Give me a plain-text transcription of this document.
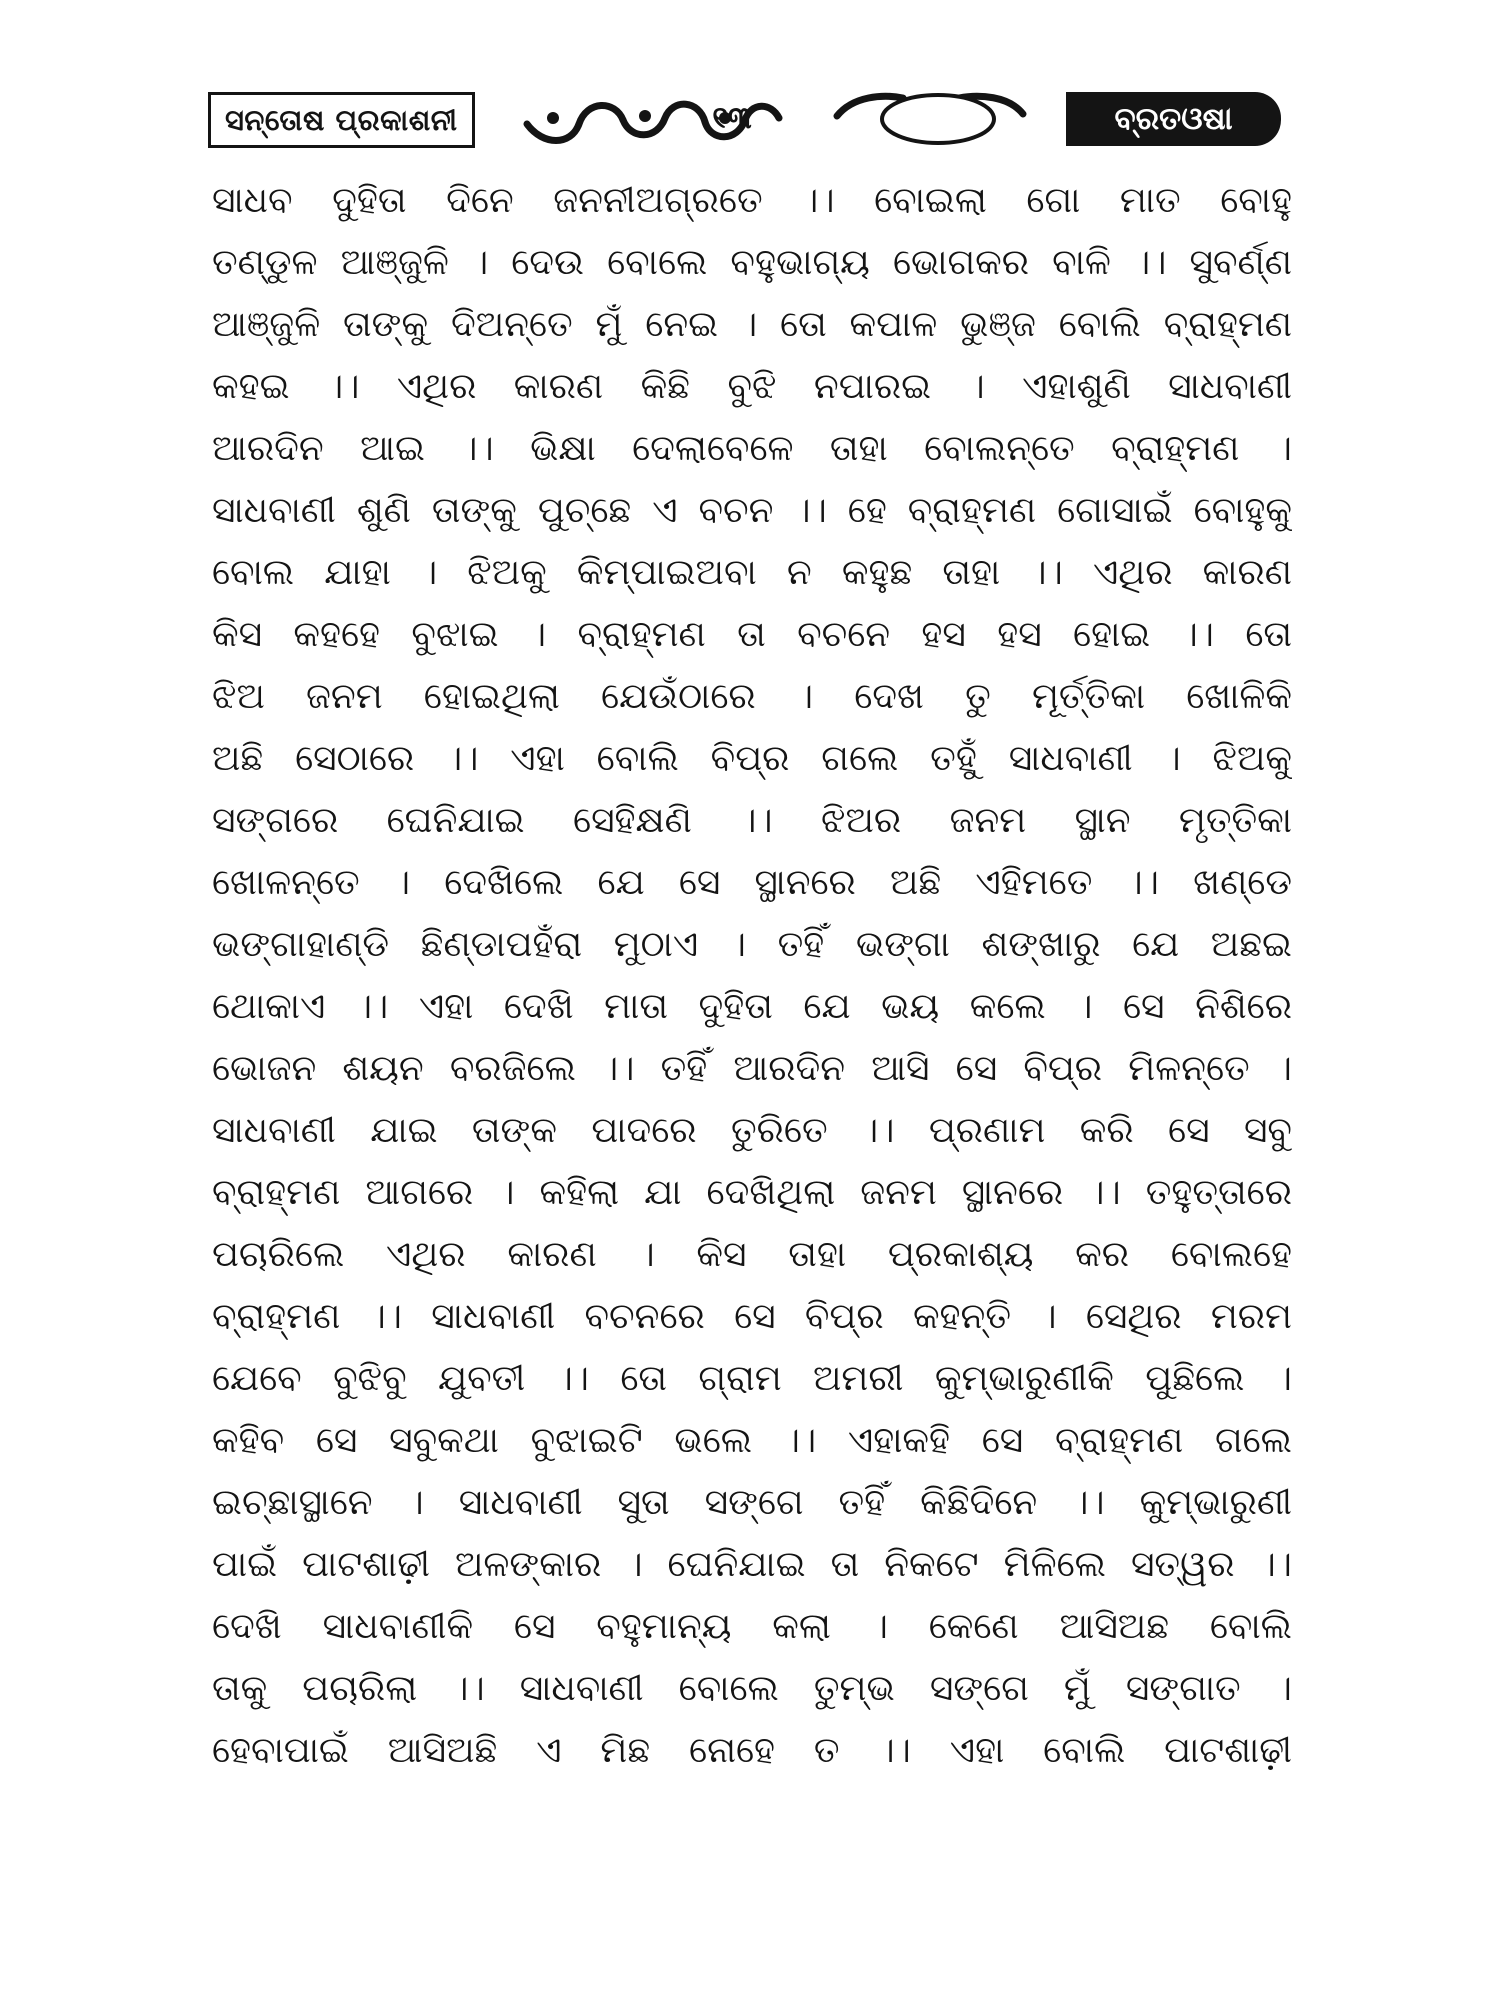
ସନ୍ତୋଷ ପ୍ରକାଶନୀ	୧୩	ବ୍ରତଓଷା
ସାଧବ ଦୁହିତା ଦିନେ ଜନନୀଅଗ୍ରତେ ।। ବୋଇଲା ଗୋ ମାତ ବୋହୁ
ତଣ୍ଡୁଳ ଆଞ୍ଜୁଳି । ଦେଉ ବୋଲେ ବହୁଭାଗ୍ୟ ଭୋଗକର ବାଳି ।। ସୁବର୍ଣ୍ଣ
ଆଞ୍ଜୁଳି ତାଙ୍କୁ ଦିଅନ୍ତେ ମୁଁ ନେଇ । ତୋ କପାଳ ଭୁଞ୍ଜ ବୋଲି ବ୍ରାହ୍ମଣ
କହଇ ।। ଏଥିର କାରଣ କିଛି ବୁଝି ନପାରଇ । ଏହାଶୁଣି ସାଧବାଣୀ
ଆରଦିନ ଆଇ ।। ଭିକ୍ଷା ଦେଲାବେଳେ ତାହା ବୋଲନ୍ତେ ବ୍ରାହ୍ମଣ ।
ସାଧବାଣୀ ଶୁଣି ତାଙ୍କୁ ପୁଚ୍ଛେ ଏ ବଚନ ।। ହେ ବ୍ରାହ୍ମଣ ଗୋସାଇଁ ବୋହୁକୁ
ବୋଲ ଯାହା । ଝିଅକୁ କିମ୍ପାଇଅବା ନ କହୁଛ ତାହା ।। ଏଥିର କାରଣ
କିସ କହହେ ବୁଝାଇ । ବ୍ରାହ୍ମଣ ତା ବଚନେ ହସ ହସ ହୋଇ ।। ତୋ
ଝିଅ ଜନମ ହୋଇଥିଲା ଯେଉଁଠାରେ । ଦେଖ ତୁ ମୂର୍ତ୍ତିକା ଖୋଳିକି
ଅଛି ସେଠାରେ ।। ଏହା ବୋଲି ବିପ୍ର ଗଲେ ତହୁଁ ସାଧବାଣୀ । ଝିଅକୁ
ସଙ୍ଗରେ ଘେନିଯାଇ ସେହିକ୍ଷଣି ।। ଝିଅର ଜନମ ସ୍ଥାନ ମୃତ୍ତିକା
ଖୋଳନ୍ତେ । ଦେଖିଲେ ଯେ ସେ ସ୍ଥାନରେ ଅଛି ଏହିମତେ ।। ଖଣ୍ଡେ
ଭଙ୍ଗାହାଣ୍ଡି ଛିଣ୍ଡାପହଁରା ମୁଠାଏ । ତହିଁ ଭଙ୍ଗା ଶଙ୍ଖାରୁ ଯେ ଅଛଇ
ଥୋକାଏ ।। ଏହା ଦେଖି ମାତା ଦୁହିତା ଯେ ଭୟ କଲେ । ସେ ନିଶିରେ
ଭୋଜନ ଶୟନ ବରଜିଲେ ।। ତହିଁ ଆରଦିନ ଆସି ସେ ବିପ୍ର ମିଳନ୍ତେ ।
ସାଧବାଣୀ ଯାଇ ତାଙ୍କ ପାଦରେ ତୁରିତେ ।। ପ୍ରଣାମ କରି ସେ ସବୁ
ବ୍ରାହ୍ମଣ ଆଗରେ । କହିଲା ଯା ଦେଖିଥିଲା ଜନମ ସ୍ଥାନରେ ।। ତହୁତ୍ତାରେ
ପଚାରିଲେ ଏଥିର କାରଣ । କିସ ତାହା ପ୍ରକାଶ୍ୟ କର ବୋଲହେ
ବ୍ରାହ୍ମଣ ।। ସାଧବାଣୀ ବଚନରେ ସେ ବିପ୍ର କହନ୍ତି । ସେଥିର ମରମ
ଯେବେ ବୁଝିବୁ ଯୁବତୀ ।। ତୋ ଗ୍ରାମ ଅମରୀ କୁମ୍ଭାରୁଣୀକି ପୁଛିଲେ ।
କହିବ ସେ ସବୁକଥା ବୁଝାଇଟି ଭଲେ ।। ଏହାକହି ସେ ବ୍ରାହ୍ମଣ ଗଲେ
ଇଚ୍ଛାସ୍ଥାନେ । ସାଧବାଣୀ ସୁତା ସଙ୍ଗେ ତହିଁ କିଛିଦିନେ ।। କୁମ୍ଭାରୁଣୀ
ପାଇଁ ପାଟଶାଢ଼ୀ ଅଳଙ୍କାର । ଘେନିଯାଇ ତା ନିକଟେ ମିଳିଲେ ସତ୍ୱର ।।
ଦେଖି ସାଧବାଣୀକି ସେ ବହୁମାନ୍ୟ କଲା । କେଣେ ଆସିଅଛ ବୋଲି
ତାକୁ ପଚାରିଲା ।। ସାଧବାଣୀ ବୋଲେ ତୁମ୍ଭ ସଙ୍ଗେ ମୁଁ ସଙ୍ଗାତ ।
ହେବାପାଇଁ ଆସିଅଛି ଏ ମିଛ ନୋହେ ତ ।। ଏହା ବୋଲି ପାଟଶାଢ଼ୀ
